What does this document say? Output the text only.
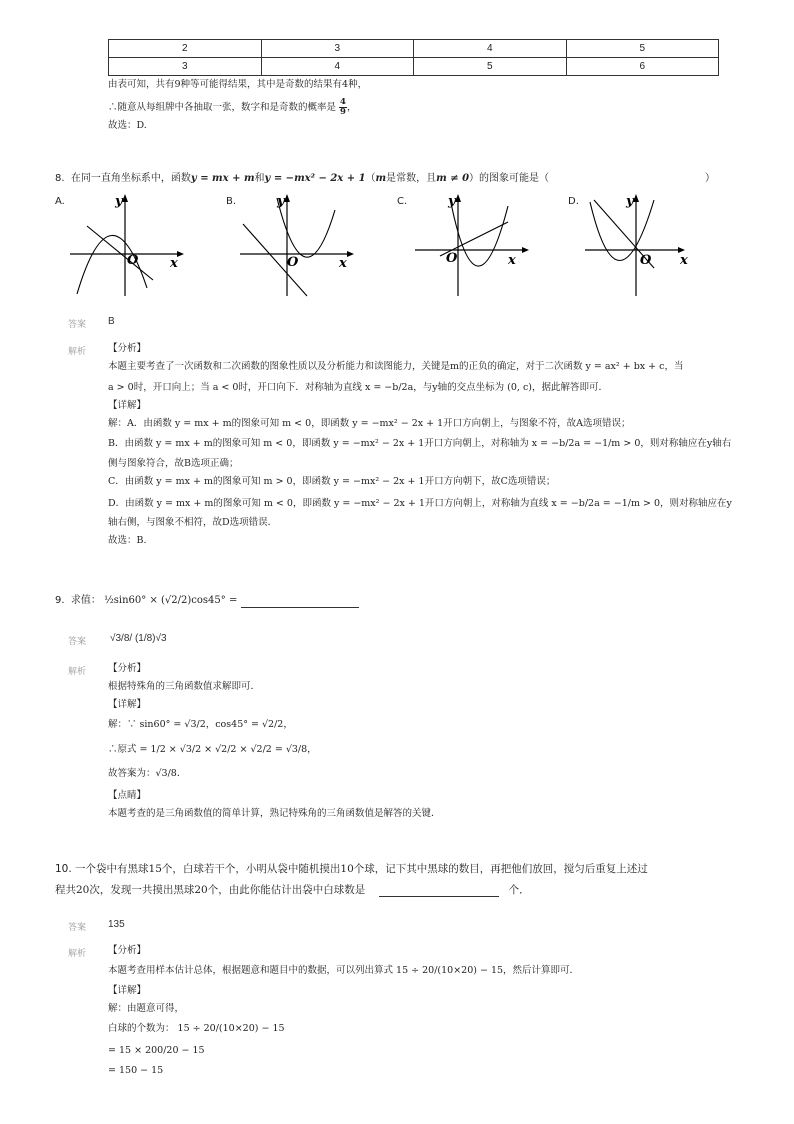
2	3	4	5
3	4	5	6
由表可知，共有9种等可能得结果，其中是奇数的结果有4种，
∴随意从每组牌中各抽取一张，数字和是奇数的概率是 $\frac{4}{9}$ ，
故选：D.
8. 在同一直角坐标系中，函数y = mx + m和y = −mx² − 2x + 1（m是常数，且m ≠ 0）的图象可能是（	）
A.	B.	C.	D.
y
x
O
y
x
O
y
x
O
y
x
O
答案 B
解析 【分析】
本题主要考查了一次函数和二次函数的图象性质以及分析能力和读图能力，关键是m的正负的确定，对于二次函数 y = ax² + bx + c，当
a > 0时，开口向上；当 a < 0时，开口向下．对称轴为直线 x = −b/2a，与y轴的交点坐标为 (0, c)，据此解答即可．
【详解】
解：A．由函数 y = mx + m的图象可知 m < 0，即函数 y = −mx² − 2x + 1开口方向朝上，与图象不符，故A选项错误；
B．由函数 y = mx + m的图象可知 m < 0，即函数 y = −mx² − 2x + 1开口方向朝上，对称轴为 x = −b/2a = −1/m > 0，则对称轴应在y轴右
侧与图象符合，故B选项正确；
C．由函数 y = mx + m的图象可知 m > 0，即函数 y = −mx² − 2x + 1开口方向朝下，故C选项错误；
D．由函数 y = mx + m的图象可知 m < 0，即函数 y = −mx² − 2x + 1开口方向朝上，对称轴为直线 x = −b/2a = −1/m > 0，则对称轴应在y
轴右侧，与图象不相符，故D选项错误．
故选：B.
9. 求值： ½sin60° × (√2/2)cos45° =
答案 √3/8/ (1/8)√3
解析 【分析】
根据特殊角的三角函数值求解即可．
【详解】
解：∵ sin60° = √3/2，cos45° = √2/2，
∴原式 = 1/2 × √3/2 × √2/2 × √2/2 = √3/8，
故答案为：√3/8．
【点睛】
本题考查的是三角函数值的简单计算，熟记特殊角的三角函数值是解答的关键．
10. 一个袋中有黑球15个，白球若干个，小明从袋中随机摸出10个球，记下其中黑球的数目，再把他们放回，搅匀后重复上述过
程共20次，发现一共摸出黑球20个，由此你能估计出袋中白球数是	个．
答案 135
解析 【分析】
本题考查用样本估计总体，根据题意和题目中的数据，可以列出算式 15 ÷ 20/(10×20) − 15，然后计算即可．
【详解】
解：由题意可得，
白球的个数为： 15 ÷ 20/(10×20) − 15
= 15 × 200/20 − 15
= 150 − 15
